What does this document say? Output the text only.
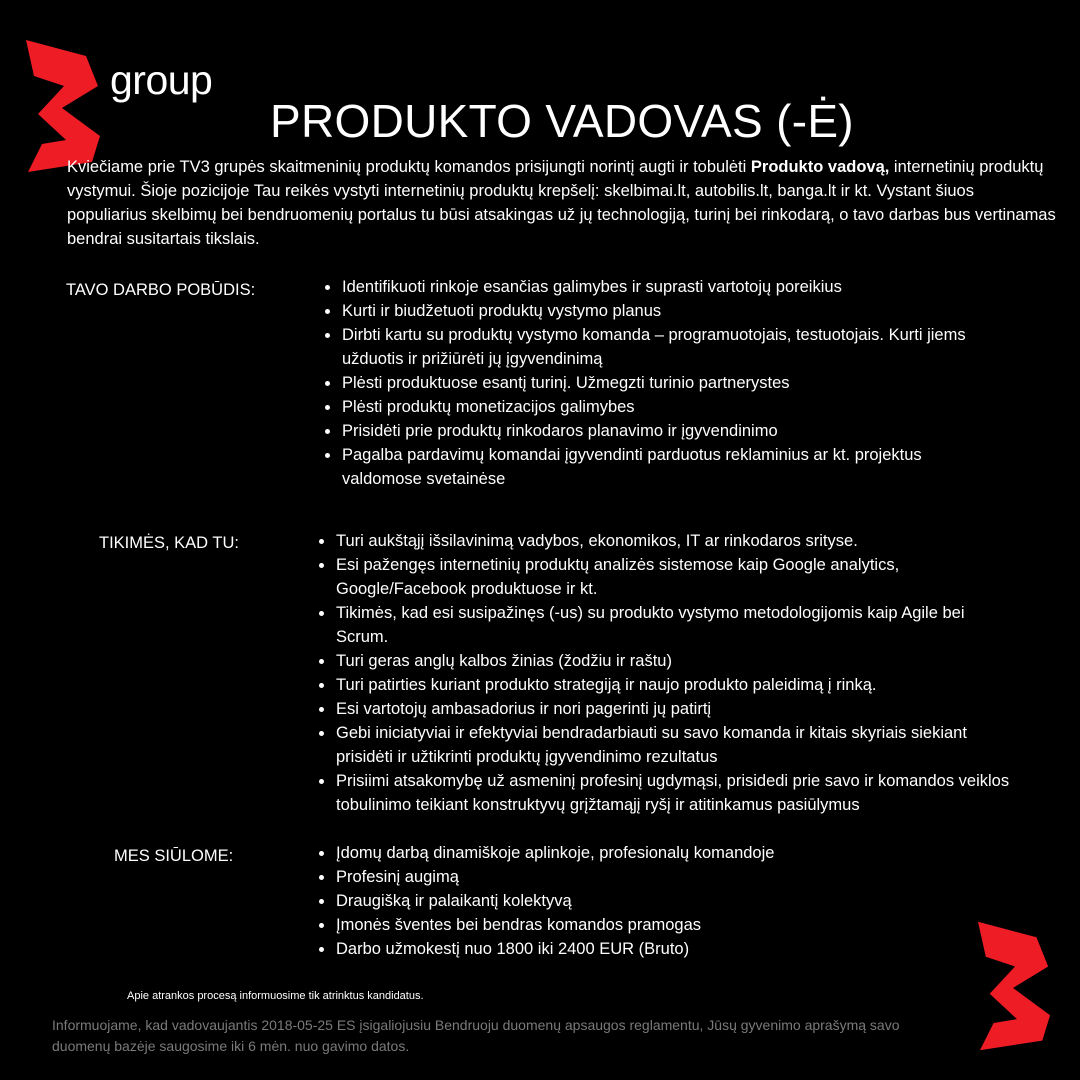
group
PRODUKTO VADOVAS (-Ė)

Kviečiame prie TV3 grupės skaitmeninių produktų komandos prisijungti norintį augti ir tobulėti Produkto vadovą, internetinių produktų vystymui. Šioje pozicijoje Tau reikės vystyti internetinių produktų krepšelį: skelbimai.lt, autobilis.lt, banga.lt ir kt. Vystant šiuos populiarius skelbimų bei bendruomenių portalus tu būsi atsakingas už jų technologiją, turinį bei rinkodarą, o tavo darbas bus vertinamas bendrai susitartais tikslais.

TAVO DARBO POBŪDIS:	Identifikuoti rinkoje esančias galimybes ir suprasti vartotojų poreikius
Kurti ir biudžetuoti produktų vystymo planus
Dirbti kartu su produktų vystymo komanda – programuotojais, testuotojais. Kurti jiems užduotis ir prižiūrėti jų įgyvendinimą
Plėsti produktuose esantį turinį. Užmegzti turinio partnerystes
Plėsti produktų monetizacijos galimybes
Prisidėti prie produktų rinkodaros planavimo ir įgyvendinimo
Pagalba pardavimų komandai įgyvendinti parduotus reklaminius ar kt. projektus valdomose svetainėse
TIKIMĖS, KAD TU:	Turi aukštąjį išsilavinimą vadybos, ekonomikos, IT ar rinkodaros srityse.
Esi pažengęs internetinių produktų analizės sistemose kaip Google analytics, Google/Facebook produktuose ir kt.
Tikimės, kad esi susipažinęs (-us) su produkto vystymo metodologijomis kaip Agile bei Scrum.
Turi geras anglų kalbos žinias (žodžiu ir raštu)
Turi patirties kuriant produkto strategiją ir naujo produkto paleidimą į rinką.
Esi vartotojų ambasadorius ir nori pagerinti jų patirtį
Gebi iniciatyviai ir efektyviai bendradarbiauti su savo komanda ir kitais skyriais siekiant prisidėti ir užtikrinti produktų įgyvendinimo rezultatus
Prisiimi atsakomybę už asmeninį profesinį ugdymąsi, prisidedi prie savo ir komandos veiklos tobulinimo teikiant konstruktyvų grįžtamąjį ryšį ir atitinkamus pasiūlymus
MES SIŪLOME:	Įdomų darbą dinamiškoje aplinkoje, profesionalų komandoje
Profesinį augimą
Draugišką ir palaikantį kolektyvą
Įmonės šventes bei bendras komandos pramogas
Darbo užmokestį nuo 1800 iki 2400 EUR (Bruto)

Apie atrankos procesą informuosime tik atrinktus kandidatus.

Informuojame, kad vadovaujantis 2018-05-25 ES įsigaliojusiu Bendruoju duomenų apsaugos reglamentu, Jūsų gyvenimo aprašymą savo duomenų bazėje saugosime iki 6 mėn. nuo gavimo datos.
